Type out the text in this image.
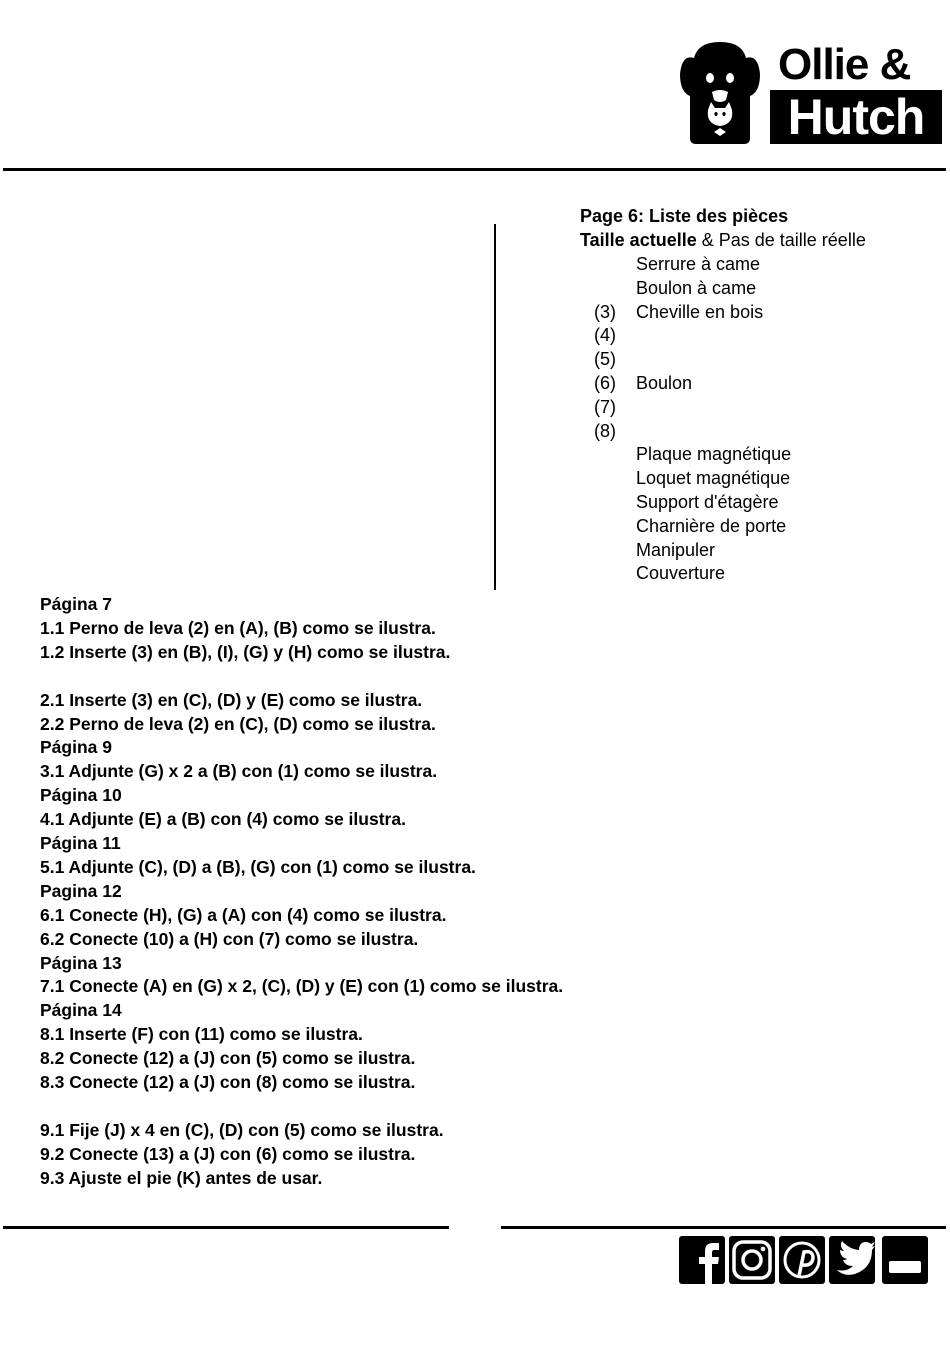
Ollie &
Hutch
Page 6: Liste des pièces
Taille actuelle & Pas de taille réelle
Serrure à came
Boulon à came
(3) Cheville en bois
(4)
(5)
(6) Boulon
(7)
(8)
Plaque magnétique
Loquet magnétique
Support d'étagère
Charnière de porte
Manipuler
Couverture
Página 7
1.1 Perno de leva (2) en (A), (B) como se ilustra.
1.2 Inserte (3) en (B), (I), (G) y (H) como se ilustra.
2.1 Inserte (3) en (C), (D) y (E) como se ilustra.
2.2 Perno de leva (2) en (C), (D) como se ilustra.
Página 9
3.1 Adjunte (G) x 2 a (B) con (1) como se ilustra.
Página 10
4.1 Adjunte (E) a (B) con (4) como se ilustra.
Página 11
5.1 Adjunte (C), (D) a (B), (G) con (1) como se ilustra.
Pagina 12
6.1 Conecte (H), (G) a (A) con (4) como se ilustra.
6.2 Conecte (10) a (H) con (7) como se ilustra.
Página 13
7.1 Conecte (A) en (G) x 2, (C), (D) y (E) con (1) como se ilustra.
Página 14
8.1 Inserte (F) con (11) como se ilustra.
8.2 Conecte (12) a (J) con (5) como se ilustra.
8.3 Conecte (12) a (J) con (8) como se ilustra.
9.1 Fije (J) x 4 en (C), (D) con (5) como se ilustra.
9.2 Conecte (13) a (J) con (6) como se ilustra.
9.3 Ajuste el pie (K) antes de usar.
